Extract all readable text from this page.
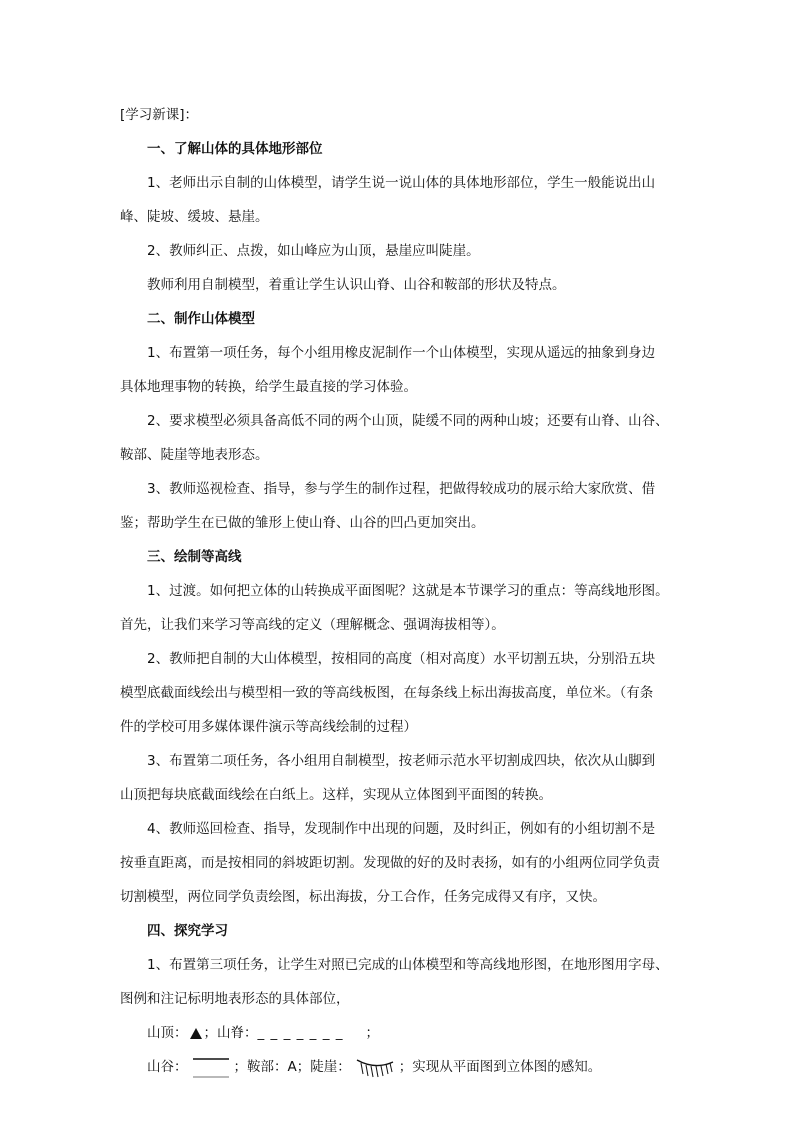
[学习新课]：
一、了解山体的具体地形部位
1、老师出示自制的山体模型，请学生说一说山体的具体地形部位，学生一般能说出山
峰、陡坡、缓坡、悬崖。
2、教师纠正、点拨，如山峰应为山顶，悬崖应叫陡崖。
教师利用自制模型，着重让学生认识山脊、山谷和鞍部的形状及特点。
二、制作山体模型
1、布置第一项任务，每个小组用橡皮泥制作一个山体模型，实现从遥远的抽象到身边
具体地理事物的转换，给学生最直接的学习体验。
2、要求模型必须具备高低不同的两个山顶，陡缓不同的两种山坡；还要有山脊、山谷、
鞍部、陡崖等地表形态。
3、教师巡视检查、指导，参与学生的制作过程，把做得较成功的展示给大家欣赏、借
鉴；帮助学生在已做的雏形上使山脊、山谷的凹凸更加突出。
三、绘制等高线
1、过渡。如何把立体的山转换成平面图呢？这就是本节课学习的重点：等高线地形图。
首先，让我们来学习等高线的定义（理解概念、强调海拔相等）。
2、教师把自制的大山体模型，按相同的高度（相对高度）水平切割五块，分别沿五块
模型底截面线绘出与模型相一致的等高线板图，在每条线上标出海拔高度，单位米。（有条
件的学校可用多媒体课件演示等高线绘制的过程）
3、布置第二项任务，各小组用自制模型，按老师示范水平切割成四块，依次从山脚到
山顶把每块底截面线绘在白纸上。这样，实现从立体图到平面图的转换。
4、教师巡回检查、指导，发现制作中出现的问题，及时纠正，例如有的小组切割不是
按垂直距离，而是按相同的斜坡距切割。发现做的好的及时表扬，如有的小组两位同学负责
切割模型，两位同学负责绘图，标出海拔，分工合作，任务完成得又有序，又快。
四、探究学习
1、布置第三项任务，让学生对照已完成的山体模型和等高线地形图，在地形图用字母、
图例和注记标明地表形态的具体部位，
山顶： ； 山脊： _ _ _ _ _ _ _ ；
山谷：	；鞍部：A；陡崖：	；实现从平面图到立体图的感知。
